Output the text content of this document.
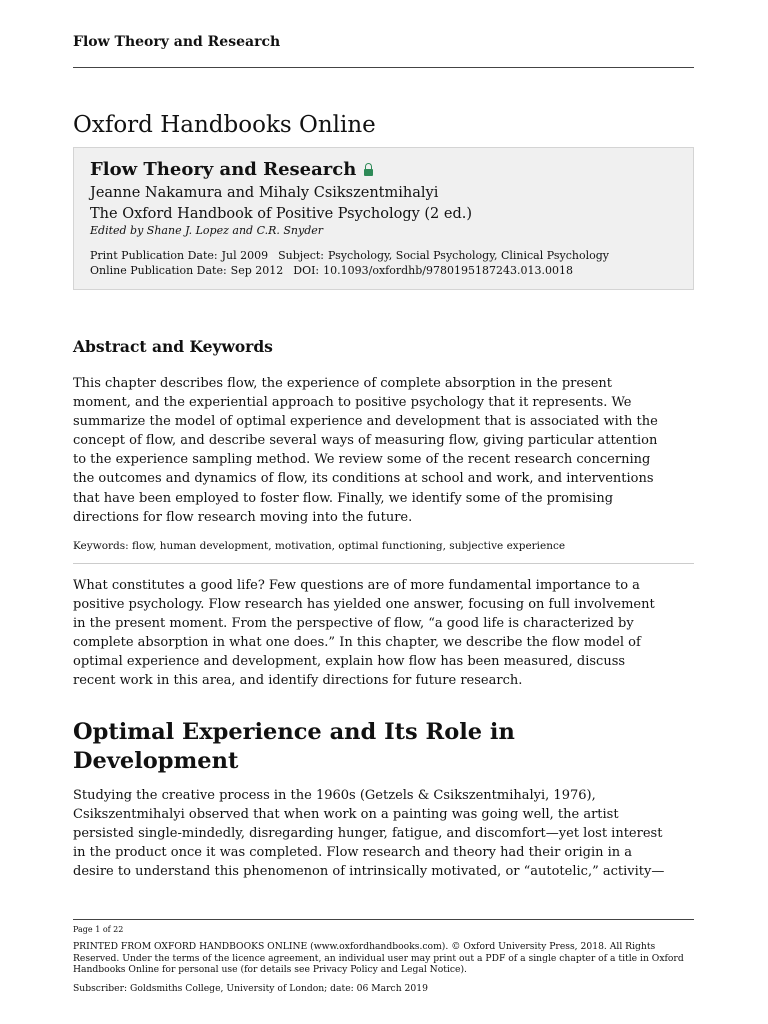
Flow Theory and Research
Oxford Handbooks Online
Flow Theory and Research
Jeanne Nakamura and Mihaly Csikszentmihalyi
The Oxford Handbook of Positive Psychology (2 ed.)
Edited by Shane J. Lopez and C.R. Snyder
Print Publication Date: Jul 2009 Subject: Psychology, Social Psychology, Clinical Psychology
Online Publication Date: Sep 2012 DOI: 10.1093/oxfordhb/9780195187243.013.0018
Abstract and Keywords
This chapter describes flow, the experience of complete absorption in the present
moment, and the experiential approach to positive psychology that it represents. We
summarize the model of optimal experience and development that is associated with the
concept of flow, and describe several ways of measuring flow, giving particular attention
to the experience sampling method. We review some of the recent research concerning
the outcomes and dynamics of flow, its conditions at school and work, and interventions
that have been employed to foster flow. Finally, we identify some of the promising
directions for flow research moving into the future.
Keywords: flow, human development, motivation, optimal functioning, subjective experience
What constitutes a good life? Few questions are of more fundamental importance to a
positive psychology. Flow research has yielded one answer, focusing on full involvement
in the present moment. From the perspective of flow, “a good life is characterized by
complete absorption in what one does.” In this chapter, we describe the flow model of
optimal experience and development, explain how flow has been measured, discuss
recent work in this area, and identify directions for future research.
Optimal Experience and Its Role in
Development
Studying the creative process in the 1960s (Getzels & Csikszentmihalyi, 1976),
Csikszentmihalyi observed that when work on a painting was going well, the artist
persisted single-mindedly, disregarding hunger, fatigue, and discomfort—yet lost interest
in the product once it was completed. Flow research and theory had their origin in a
desire to understand this phenomenon of intrinsically motivated, or “autotelic,” activity—
Page 1 of 22
PRINTED FROM OXFORD HANDBOOKS ONLINE (www.oxfordhandbooks.com). © Oxford University Press, 2018. All Rights Reserved. Under the terms of the licence agreement, an individual user may print out a PDF of a single chapter of a title in Oxford Handbooks Online for personal use (for details see Privacy Policy and Legal Notice).
Subscriber: Goldsmiths College, University of London; date: 06 March 2019
